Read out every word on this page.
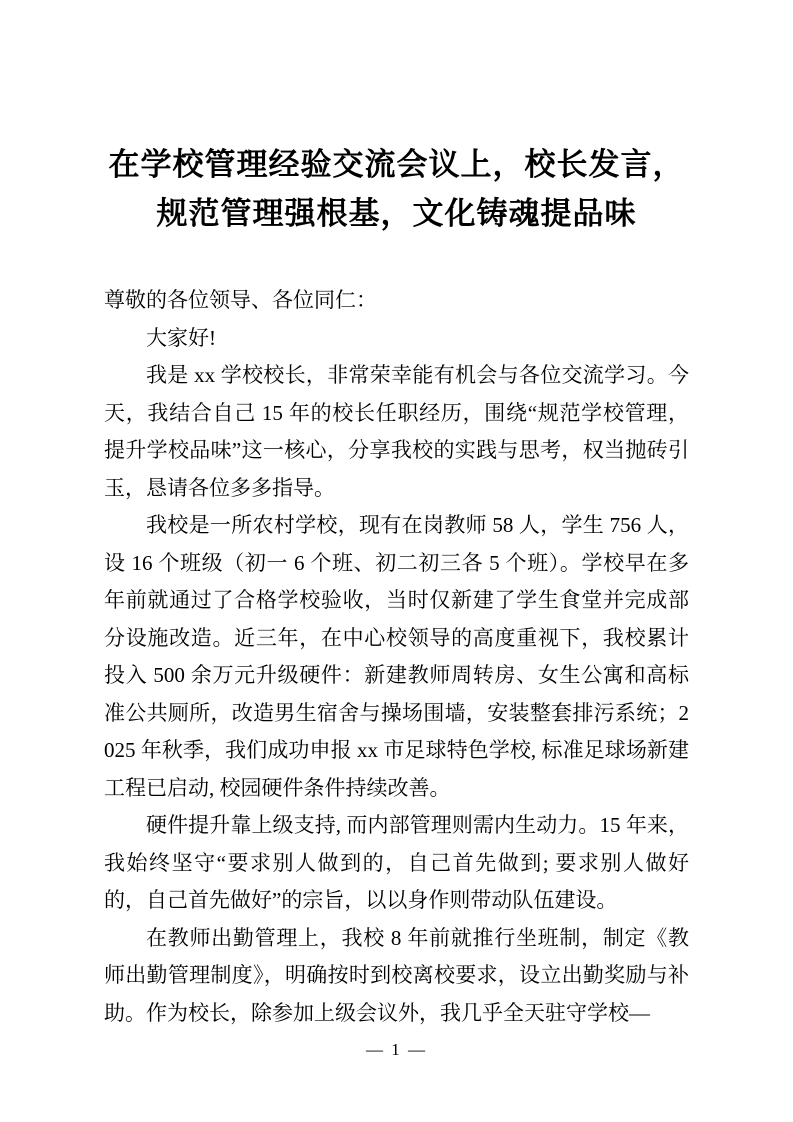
在学校管理经验交流会议上，校长发言，
规范管理强根基，文化铸魂提品味

尊敬的各位领导、各位同仁：

大家好!

我是 xx 学校校长，非常荣幸能有机会与各位交流学习。今天，我结合自己 15 年的校长任职经历，围绕“规范学校管理，提升学校品味”这一核心，分享我校的实践与思考，权当抛砖引玉，恳请各位多多指导。

我校是一所农村学校，现有在岗教师 58 人，学生 756 人，设 16 个班级（初一 6 个班、初二初三各 5 个班）。学校早在多年前就通过了合格学校验收，当时仅新建了学生食堂并完成部分设施改造。近三年，在中心校领导的高度重视下，我校累计投入 500 余万元升级硬件：新建教师周转房、女生公寓和高标准公共厕所，改造男生宿舍与操场围墙，安装整套排污系统；2025 年秋季，我们成功申报 xx 市足球特色学校, 标准足球场新建工程已启动, 校园硬件条件持续改善。

硬件提升靠上级支持, 而内部管理则需内生动力。15 年来，我始终坚守“要求别人做到的，自己首先做到; 要求别人做好的，自己首先做好”的宗旨，以以身作则带动队伍建设。

在教师出勤管理上，我校 8 年前就推行坐班制，制定《教师出勤管理制度》，明确按时到校离校要求，设立出勤奖励与补助。作为校长，除参加上级会议外，我几乎全天驻守学校—

— 1 —
